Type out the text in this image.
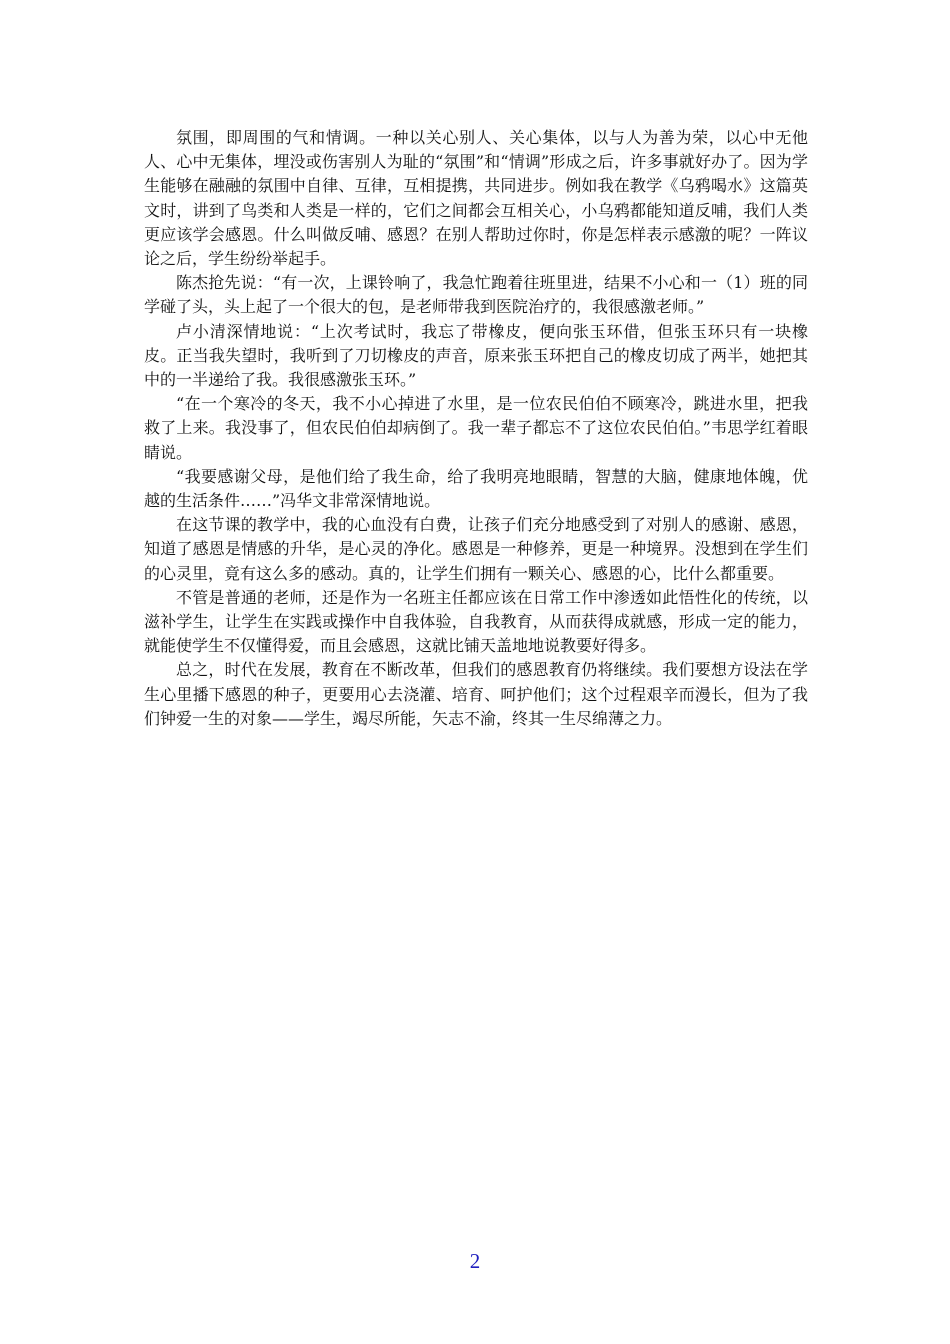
氛围，即周围的气和情调。一种以关心别人、关心集体，以与人为善为荣，以心中无他人、心中无集体，埋没或伤害别人为耻的“氛围”和“情调”形成之后，许多事就好办了。因为学生能够在融融的氛围中自律、互律，互相提携，共同进步。例如我在教学《乌鸦喝水》这篇英文时，讲到了鸟类和人类是一样的，它们之间都会互相关心，小乌鸦都能知道反哺，我们人类更应该学会感恩。什么叫做反哺、感恩？在别人帮助过你时，你是怎样表示感激的呢？一阵议论之后，学生纷纷举起手。

陈杰抢先说：“有一次，上课铃响了，我急忙跑着往班里进，结果不小心和一（1）班的同学碰了头，头上起了一个很大的包，是老师带我到医院治疗的，我很感激老师。”

卢小清深情地说：“上次考试时，我忘了带橡皮，便向张玉环借，但张玉环只有一块橡皮。正当我失望时，我听到了刀切橡皮的声音，原来张玉环把自己的橡皮切成了两半，她把其中的一半递给了我。我很感激张玉环。”

“在一个寒冷的冬天，我不小心掉进了水里，是一位农民伯伯不顾寒冷，跳进水里，把我救了上来。我没事了，但农民伯伯却病倒了。我一辈子都忘不了这位农民伯伯。”韦思学红着眼睛说。

“我要感谢父母，是他们给了我生命，给了我明亮地眼睛，智慧的大脑，健康地体魄，优越的生活条件……”冯华文非常深情地说。

在这节课的教学中，我的心血没有白费，让孩子们充分地感受到了对别人的感谢、感恩，知道了感恩是情感的升华，是心灵的净化。感恩是一种修养，更是一种境界。没想到在学生们的心灵里，竟有这么多的感动。真的，让学生们拥有一颗关心、感恩的心，比什么都重要。

不管是普通的老师，还是作为一名班主任都应该在日常工作中渗透如此悟性化的传统，以滋补学生，让学生在实践或操作中自我体验，自我教育，从而获得成就感，形成一定的能力，就能使学生不仅懂得爱，而且会感恩，这就比铺天盖地地说教要好得多。

总之，时代在发展，教育在不断改革，但我们的感恩教育仍将继续。我们要想方设法在学生心里播下感恩的种子，更要用心去浇灌、培育、呵护他们；这个过程艰辛而漫长，但为了我们钟爱一生的对象——学生，竭尽所能，矢志不渝，终其一生尽绵薄之力。

2
